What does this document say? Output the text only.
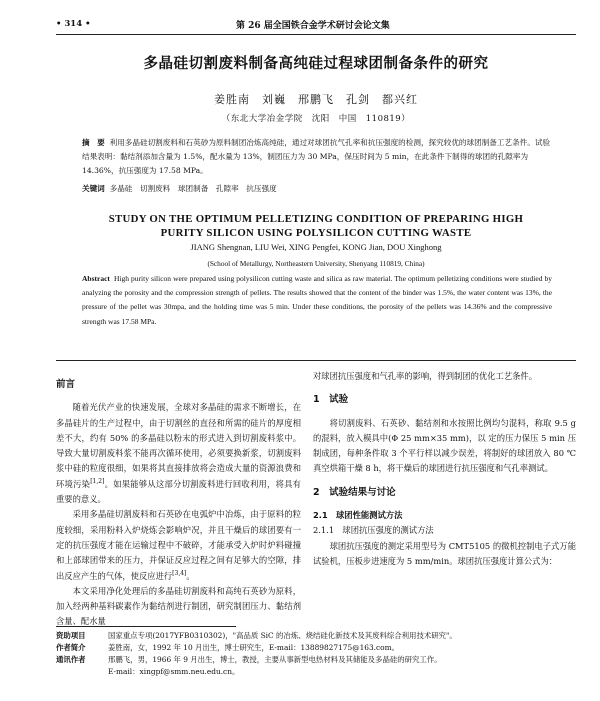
• 314 •	第 26 届全国铁合金学术研讨会论文集
多晶硅切割废料制备高纯硅过程球团制备条件的研究
姜胜南　刘巍　邢鹏飞　孔剑　都兴红
（东北大学冶金学院　沈阳　中国　110819）
摘　要 利用多晶硅切割废料和石英砂为原料制团冶炼高纯硅，通过对球团抗气孔率和抗压强度的检测，探究较优的球团制备工艺条件。试验结果表明：黏结剂添加含量为 1.5%，配水量为 13%，制团压力为 30 MPa，保压时间为 5 min，在此条件下制得的球团的孔隙率为 14.36%，抗压强度为 17.58 MPa。
关键词 多晶硅　切割废料　球团制备　孔隙率　抗压强度
STUDY ON THE OPTIMUM PELLETIZING CONDITION OF PREPARING HIGH
PURITY SILICON USING POLYSILICON CUTTING WASTE
JIANG Shengnan, LIU Wei, XING Pengfei, KONG Jian, DOU Xinghong
(School of Metallurgy, Northeastern University, Shenyang 110819, China)
Abstract High purity silicon were prepared using polysilicon cutting waste and silica as raw material. The optimum pelletizing conditions were studied by analyzing the porosity and the compression strength of pellets. The results showed that the content of the binder was 1.5%, the water content was 13%, the pressure of the pellet was 30mpa, and the holding time was 5 min. Under these conditions, the porosity of the pellets was 14.36% and the compressive strength was 17.58 MPa.

前言

随着光伏产业的快速发展，全球对多晶硅的需求不断增长，在多晶硅片的生产过程中，由于切割丝的直径和所需的硅片的厚度相差不大，约有 50% 的多晶硅以粉末的形式进入到切割废料浆中。导致大量切割废料浆不能再次循环使用，必须要换新浆，切割废料浆中硅的粒度很细，如果将其直接排放将会造成大量的资源浪费和环境污染[1,2]。如果能够从这部分切割废料进行回收利用，将具有重要的意义。

采用多晶硅切割废料和石英砂在电弧炉中冶炼，由于原料的粒度较细，采用粉料入炉烧炼会影响炉况，并且干燥后的球团要有一定的抗压强度才能在运输过程中不破碎，才能承受入炉时炉料碰撞和上部球团带来的压力，并保证反应过程之间有足够大的空隙，排出反应产生的气体，使反应进行[3,4]。

本文采用净化处理后的多晶硅切割废料和高纯石英砂为原料，加入经两种基料碳素作为黏结剂进行制团，研究制团压力、黏结剂含量、配水量

对球团抗压强度和气孔率的影响，得到制团的优化工艺条件。

1　试验

将切割废料、石英砂、黏结剂和水按照比例均匀混料，称取 9.5 g 的混料，放入模具中(Φ 25 mm×35 mm)，以 定的压力保压 5 min 压制成团，每种条件取 3 个平行样以减少误差，将制好的球团放入 80 ℃真空烘箱干燥 8 h，将干燥后的球团进行抗压强度和气孔率测试。

2　试验结果与讨论

2.1　球团性能测试方法

2.1.1　球团抗压强度的测试方法

球团抗压强度的测定采用型号为 CMT5105 的微机控制电子式万能试验机，压板步进速度为 5 mm/min。球团抗压强度计算公式为：

资助项目	国家重点专项(2017YFB0310302)，"高品质 SiC 的冶炼、烧结硅化新技术及其废料综合利用技术研究"。
作者简介	姜胜南，女，1992 年 10 月出生，博士研究生，E-mail：13889827175@163.com。
通讯作者	邢鹏飞，男，1966 年 9 月出生，博士，教授，主要从事新型电热材料及其储能及多晶硅的研究工作。
E-mail：xingpf@smm.neu.edu.cn。
